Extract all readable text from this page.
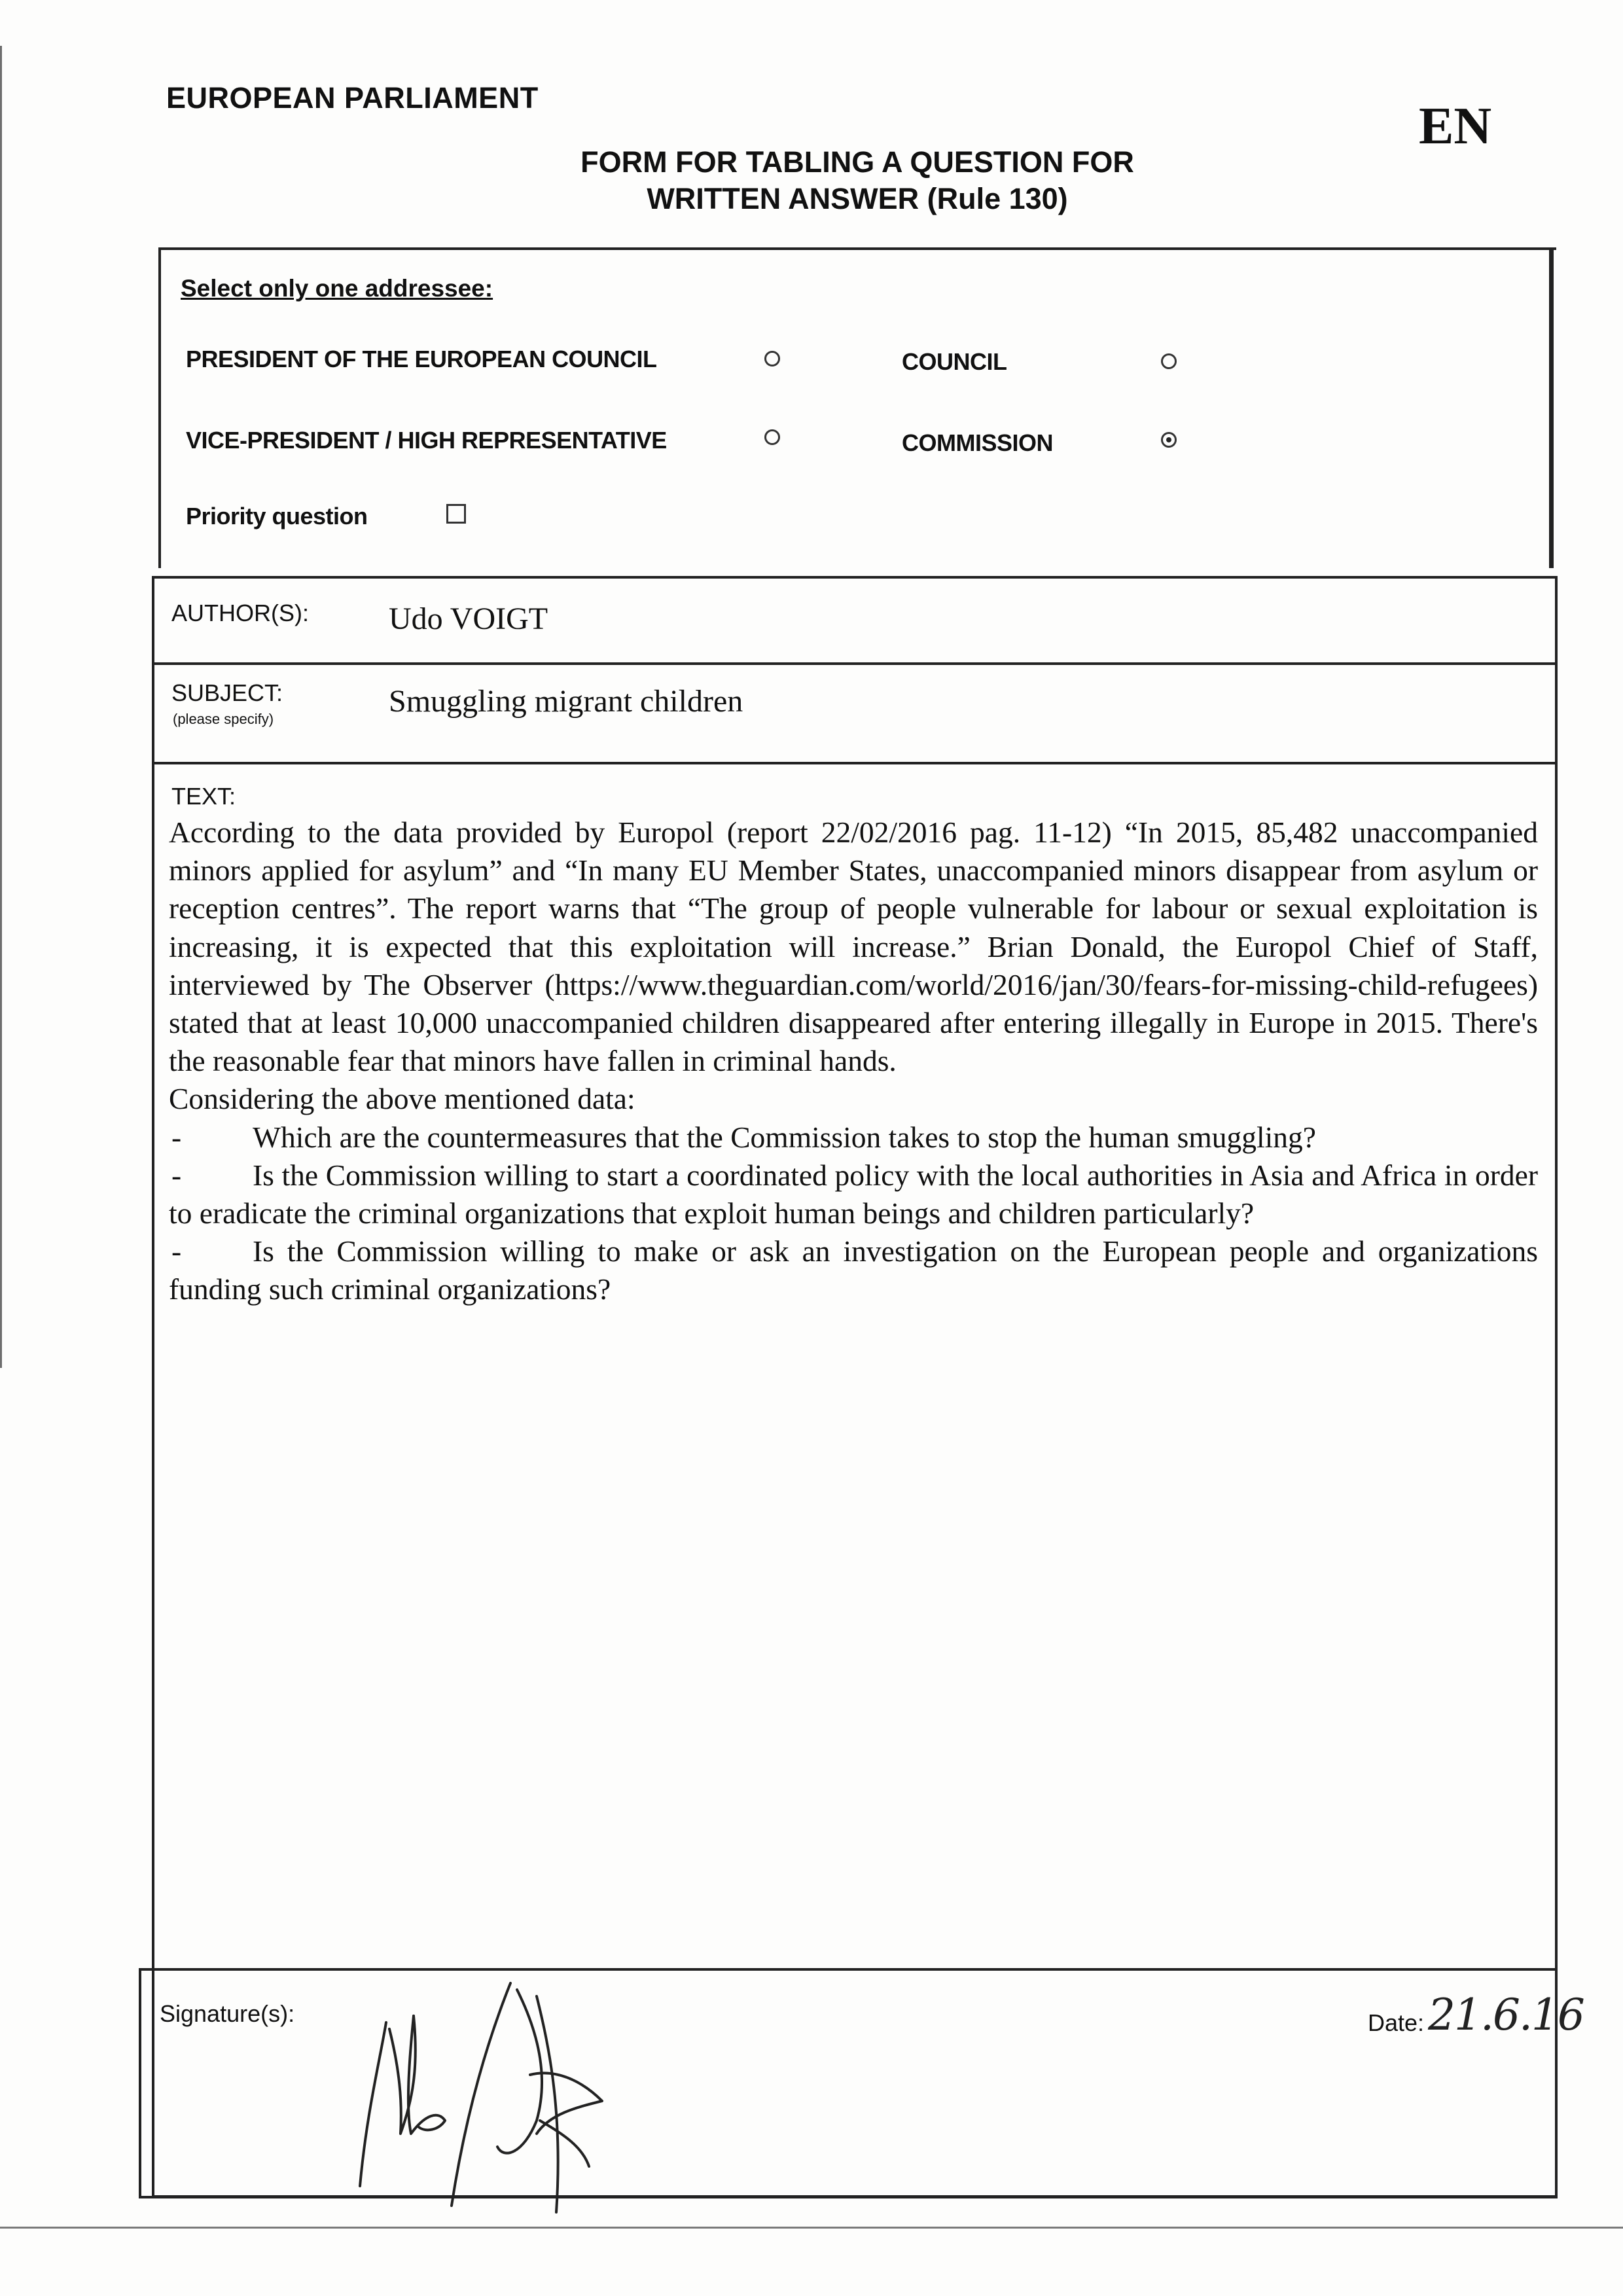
EUROPEAN PARLIAMENT	EN
FORM FOR TABLING A QUESTION FOR
WRITTEN ANSWER (Rule 130)
Select only one addressee:
PRESIDENT OF THE EUROPEAN COUNCIL	COUNCIL
VICE-PRESIDENT / HIGH REPRESENTATIVE	COMMISSION
Priority question
AUTHOR(S):	Udo VOIGT
SUBJECT:
(please specify)
Smuggling migrant children
TEXT:

According to the data provided by Europol (report 22/02/2016 pag. 11-12) “In 2015, 85,482 unaccompanied minors applied for asylum” and “In many EU Member States, unaccompanied minors disappear from asylum or reception centres”. The report warns that “The group of people vulnerable for labour or sexual exploitation is increasing, it is expected that this exploitation will increase.” Brian Donald, the Europol Chief of Staff, interviewed by The Observer (https://www.theguardian.com/world/2016/jan/30/fears-for-missing-child-refugees) stated that at least 10,000 unaccompanied children disappeared after entering illegally in Europe in 2015. There's the reasonable fear that minors have fallen in criminal hands.

Considering the above mentioned data:

- Which are the countermeasures that the Commission takes to stop the human smuggling?

- Is the Commission willing to start a coordinated policy with the local authorities in Asia and Africa in order to eradicate the criminal organizations that exploit human beings and children particularly?

- Is the Commission willing to make or ask an investigation on the European people and organizations funding such criminal organizations?

Signature(s):	Date: 21.6.16
